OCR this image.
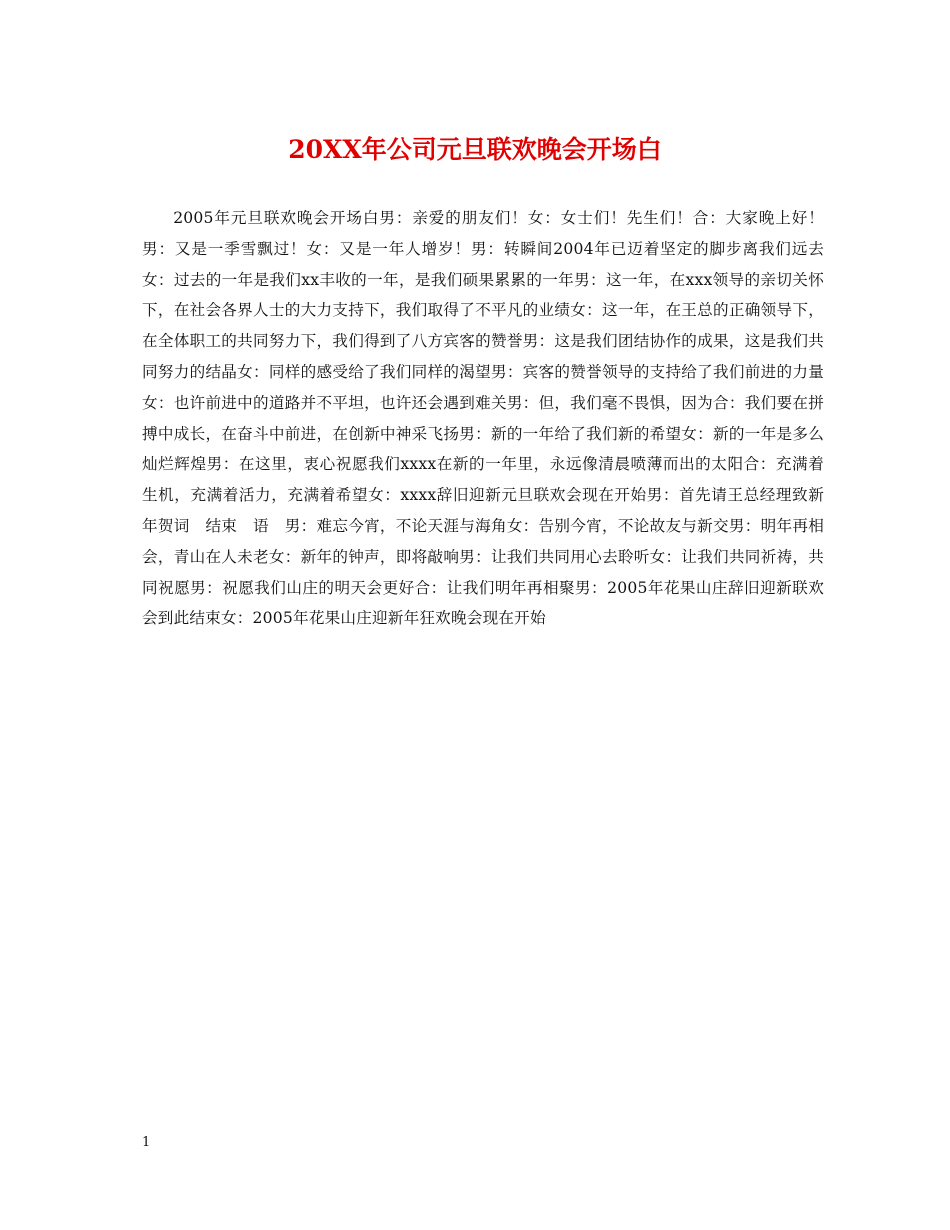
20XX年公司元旦联欢晚会开场白

2005年元旦联欢晚会开场白男：亲爱的朋友们！女：女士们！先生们！合：大家晚上好！男：又是一季雪飘过！女：又是一年人增岁！男：转瞬间2004年已迈着坚定的脚步离我们远去女：过去的一年是我们xx丰收的一年，是我们硕果累累的一年男：这一年，在xxx领导的亲切关怀下，在社会各界人士的大力支持下，我们取得了不平凡的业绩女：这一年，在王总的正确领导下，在全体职工的共同努力下，我们得到了八方宾客的赞誉男：这是我们团结协作的成果，这是我们共同努力的结晶女：同样的感受给了我们同样的渴望男：宾客的赞誉领导的支持给了我们前进的力量女：也许前进中的道路并不平坦，也许还会遇到难关男：但，我们毫不畏惧，因为合：我们要在拼搏中成长，在奋斗中前进，在创新中神采飞扬男：新的一年给了我们新的希望女：新的一年是多么灿烂辉煌男：在这里，衷心祝愿我们xxxx在新的一年里，永远像清晨喷薄而出的太阳合：充满着生机，充满着活力，充满着希望女：xxxx辞旧迎新元旦联欢会现在开始男：首先请王总经理致新年贺词　结束　语　男：难忘今宵，不论天涯与海角女：告别今宵，不论故友与新交男：明年再相会，青山在人未老女：新年的钟声，即将敲响男：让我们共同用心去聆听女：让我们共同祈祷，共同祝愿男：祝愿我们山庄的明天会更好合：让我们明年再相聚男：2005年花果山庄辞旧迎新联欢会到此结束女：2005年花果山庄迎新年狂欢晚会现在开始

1
